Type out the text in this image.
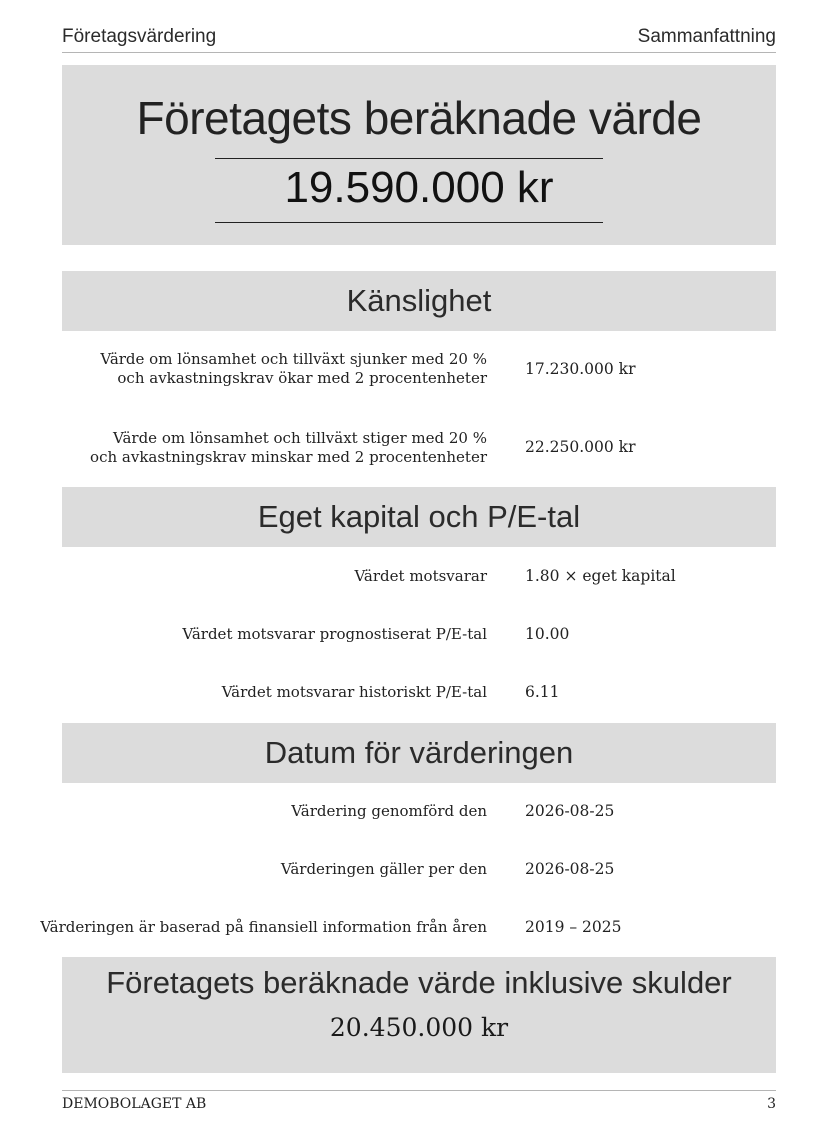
Företagsvärdering	Sammanfattning
Företagets beräknade värde
19.590.000 kr
Känslighet
Värde om lönsamhet och tillväxt sjunker med 20 %
och avkastningskrav ökar med 2 procentenheter 17.230.000 kr
Värde om lönsamhet och tillväxt stiger med 20 %
och avkastningskrav minskar med 2 procentenheter
22.250.000 kr
Eget kapital och P/E-tal
Värdet motsvarar 1.80 × eget kapital
Värdet motsvarar prognostiserat P/E-tal 10.00
Värdet motsvarar historiskt P/E-tal 6.11
Datum för värderingen
Värdering genomförd den 2026-08-25
Värderingen gäller per den 2026-08-25
Värderingen är baserad på finansiell information från åren 2019 – 2025
Företagets beräknade värde inklusive skulder
20.450.000 kr
DEMOBOLAGET AB	3
